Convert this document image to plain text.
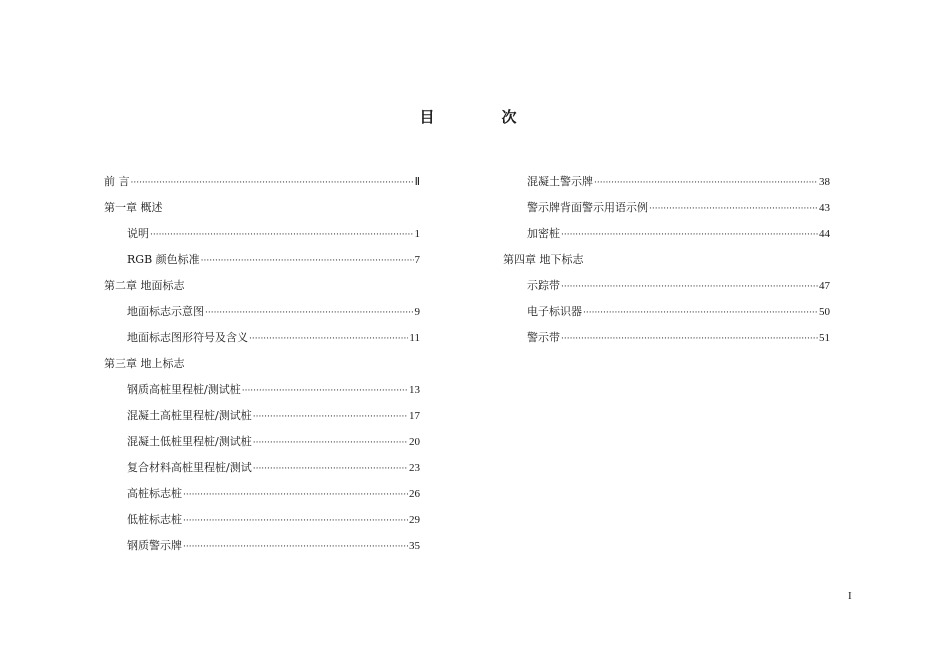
目　次
前 言 ·····	Ⅱ
第一章 概述
说明 ·····	1
RGB 颜色标准 ·····	7
第二章 地面标志
地面标志示意图 ·····	9
地面标志图形符号及含义 ·····	11
第三章 地上标志
钢质高桩里程桩/测试桩 ·····	13
混凝土高桩里程桩/测试桩 ·····	17
混凝土低桩里程桩/测试桩 ·····	20
复合材料高桩里程桩/测试 ·····	23
高桩标志桩 ·····	26
低桩标志桩 ·····	29
钢质警示牌 ·····	35
混凝土警示牌 ·····	38
警示牌背面警示用语示例 ·····	43
加密桩 ·····	44
第四章 地下标志
示踪带 ·····	47
电子标识器 ·····	50
警示带 ·····	51
I
